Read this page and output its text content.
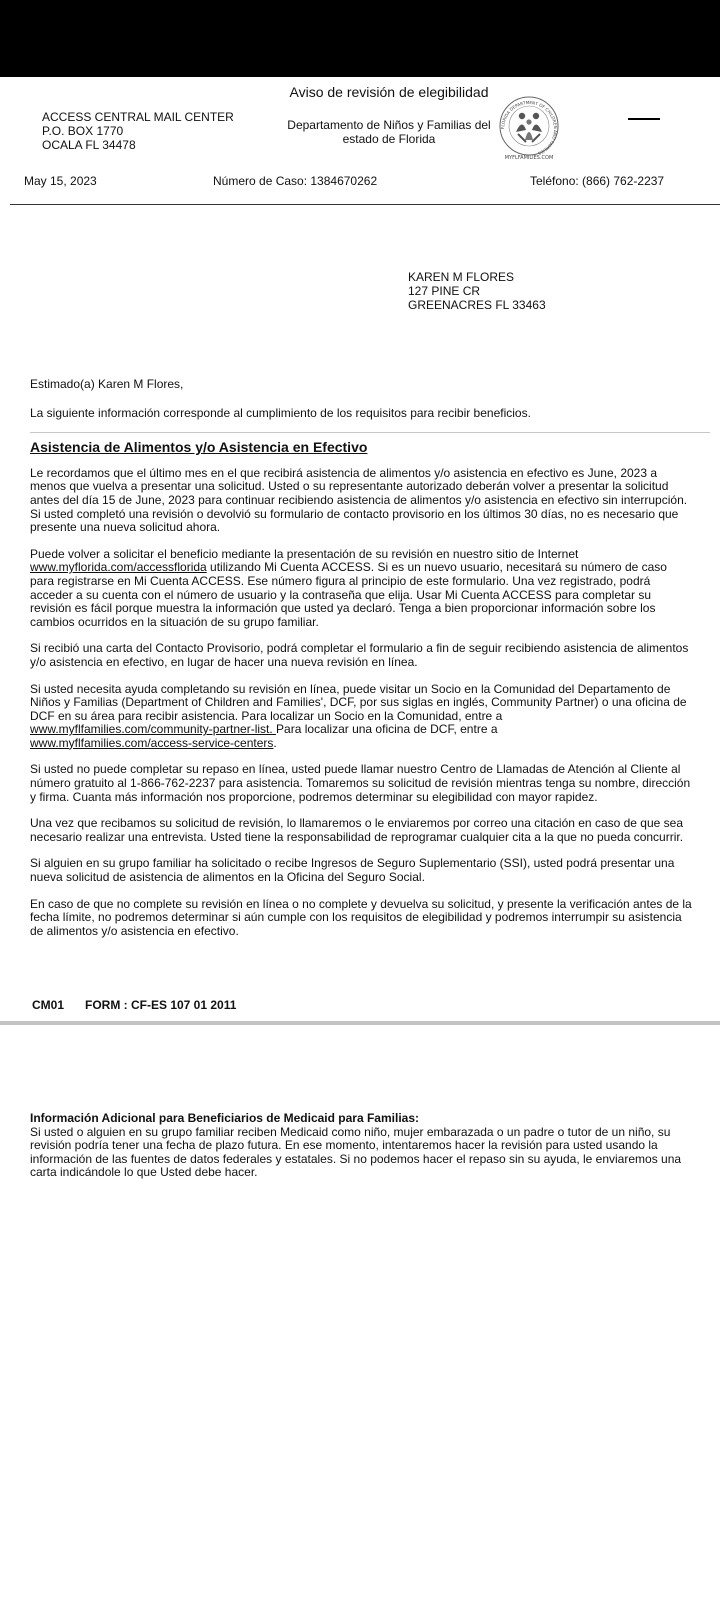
ACCESS CENTRAL MAIL CENTER
P.O. BOX 1770
OCALA FL 34478
Aviso de revisión de elegibilidad
Departamento de Niños y Familias del estado de Florida
FLORIDA DEPARTMENT OF CHILDREN AND FAMILIES
MYFLFAMILIES.COM
May 15, 2023	Número de Caso: 1384670262	Teléfono: (866) 762-2237
KAREN M FLORES
127 PINE CR
GREENACRES FL 33463

Estimado(a) Karen M Flores,

La siguiente información corresponde al cumplimiento de los requisitos para recibir beneficios.

Asistencia de Alimentos y/o Asistencia en Efectivo

Le recordamos que el último mes en el que recibirá asistencia de alimentos y/o asistencia en efectivo es June, 2023 a menos que vuelva a presentar una solicitud. Usted o su representante autorizado deberán volver a presentar la solicitud antes del día 15 de June, 2023 para continuar recibiendo asistencia de alimentos y/o asistencia en efectivo sin interrupción. Si usted completó una revisión o devolvió su formulario de contacto provisorio en los últimos 30 días, no es necesario que presente una nueva solicitud ahora.

Puede volver a solicitar el beneficio mediante la presentación de su revisión en nuestro sitio de Internet
www.myflorida.com/accessflorida utilizando Mi Cuenta ACCESS. Si es un nuevo usuario, necesitará su número de caso para registrarse en Mi Cuenta ACCESS. Ese número figura al principio de este formulario. Una vez registrado, podrá acceder a su cuenta con el número de usuario y la contraseña que elija. Usar Mi Cuenta ACCESS para completar su revisión es fácil porque muestra la información que usted ya declaró. Tenga a bien proporcionar información sobre los cambios ocurridos en la situación de su grupo familiar.

Si recibió una carta del Contacto Provisorio, podrá completar el formulario a fin de seguir recibiendo asistencia de alimentos y/o asistencia en efectivo, en lugar de hacer una nueva revisión en línea.

Si usted necesita ayuda completando su revisión en línea, puede visitar un Socio en la Comunidad del Departamento de Niños y Familias (Department of Children and Families', DCF, por sus siglas en inglés, Community Partner) o una oficina de DCF en su área para recibir asistencia. Para localizar un Socio en la Comunidad, entre a
www.myflfamilies.com/community-partner-list. Para localizar una oficina de DCF, entre a
www.myflfamilies.com/access-service-centers.

Si usted no puede completar su repaso en línea, usted puede llamar nuestro Centro de Llamadas de Atención al Cliente al número gratuito al 1-866-762-2237 para asistencia. Tomaremos su solicitud de revisión mientras tenga su nombre, dirección y firma. Cuanta más información nos proporcione, podremos determinar su elegibilidad con mayor rapidez.

Una vez que recibamos su solicitud de revisión, lo llamaremos o le enviaremos por correo una citación en caso de que sea necesario realizar una entrevista. Usted tiene la responsabilidad de reprogramar cualquier cita a la que no pueda concurrir.

Si alguien en su grupo familiar ha solicitado o recibe Ingresos de Seguro Suplementario (SSI), usted podrá presentar una nueva solicitud de asistencia de alimentos en la Oficina del Seguro Social.

En caso de que no complete su revisión en línea o no complete y devuelva su solicitud, y presente la verificación antes de la fecha límite, no podremos determinar si aún cumple con los requisitos de elegibilidad y podremos interrumpir su asistencia de alimentos y/o asistencia en efectivo.

CM01 FORM : CF-ES 107 01 2011
Información Adicional para Beneficiarios de Medicaid para Familias:
Si usted o alguien en su grupo familiar reciben Medicaid como niño, mujer embarazada o un padre o tutor de un niño, su revisión podría tener una fecha de plazo futura. En ese momento, intentaremos hacer la revisión para usted usando la información de las fuentes de datos federales y estatales. Si no podemos hacer el repaso sin su ayuda, le enviaremos una carta indicándole lo que Usted debe hacer.
